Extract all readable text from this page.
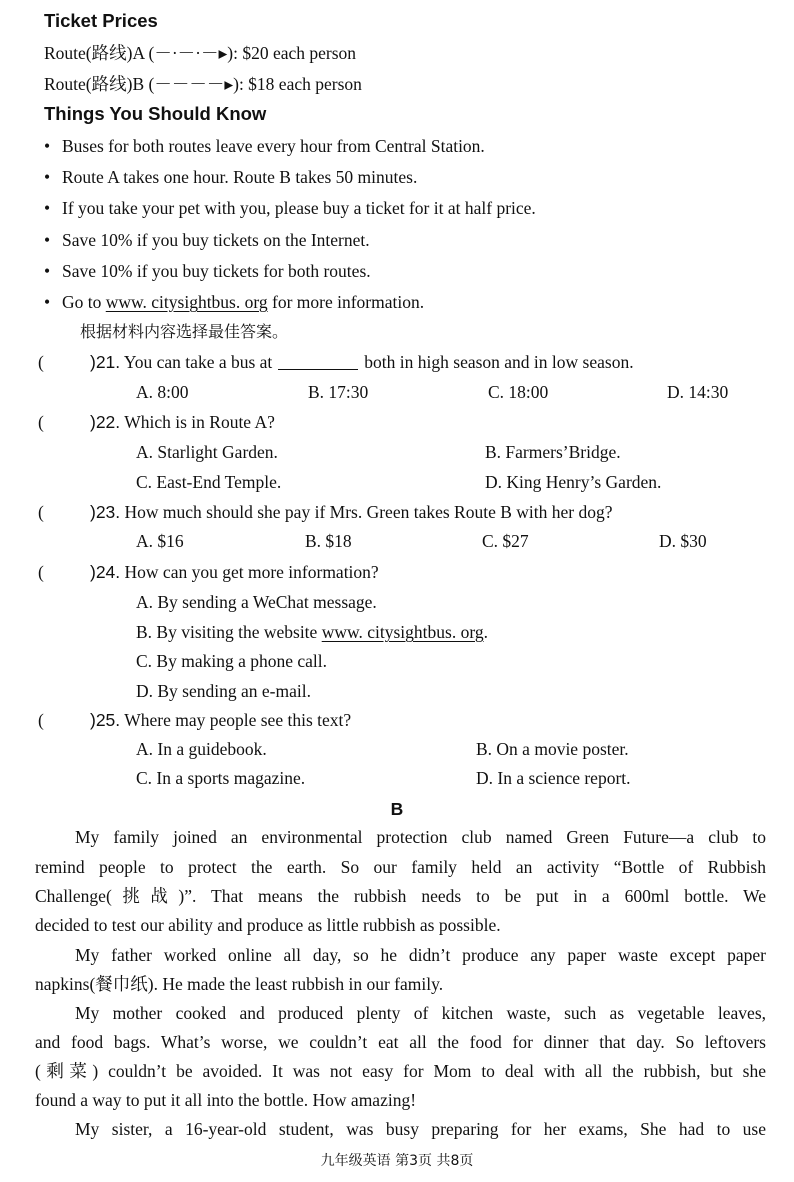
Ticket Prices
Route(路线)A (－·－·－▸): $20 each person
Route(路线)B (－－－－▸): $18 each person
Things You Should Know
• Buses for both routes leave every hour from Central Station.
• Route A takes one hour. Route B takes 50 minutes.
• If you take your pet with you, please buy a ticket for it at half price.
• Save 10% if you buy tickets on the Internet.
• Save 10% if you buy tickets for both routes.
• Go to www. citysightbus. org for more information.
根据材料内容选择最佳答案。
(	)21. You can take a bus at	both in high season and in low season.
A. 8:00	B. 17:30	C. 18:00	D. 14:30
(	)22. Which is in Route A?
A. Starlight Garden.	B. Farmers’Bridge.
C. East-End Temple.	D. King Henry’s Garden.
(	)23. How much should she pay if Mrs. Green takes Route B with her dog?
A. $16	B. $18	C. $27	D. $30
(	)24. How can you get more information?
A. By sending a WeChat message.
B. By visiting the website www. citysightbus. org.
C. By making a phone call.
D. By sending an e-mail.
(	)25. Where may people see this text?
A. In a guidebook.	B. On a movie poster.
C. In a sports magazine.	D. In a science report.
B
My family joined an environmental protection club named Green Future—a club to
remind people to protect the earth. So our family held an activity “Bottle of Rubbish
Challenge(挑战)”. That means the rubbish needs to be put in a 600ml bottle. We
decided to test our ability and produce as little rubbish as possible.
My father worked online all day, so he didn’t produce any paper waste except paper
napkins(餐巾纸). He made the least rubbish in our family.
My mother cooked and produced plenty of kitchen waste, such as vegetable leaves,
and food bags. What’s worse, we couldn’t eat all the food for dinner that day. So leftovers
(剩菜) couldn’t be avoided. It was not easy for Mom to deal with all the rubbish, but she
found a way to put it all into the bottle. How amazing!
My sister, a 16-year-old student, was busy preparing for her exams, She had to use
九年级英语 第3页 共8页
